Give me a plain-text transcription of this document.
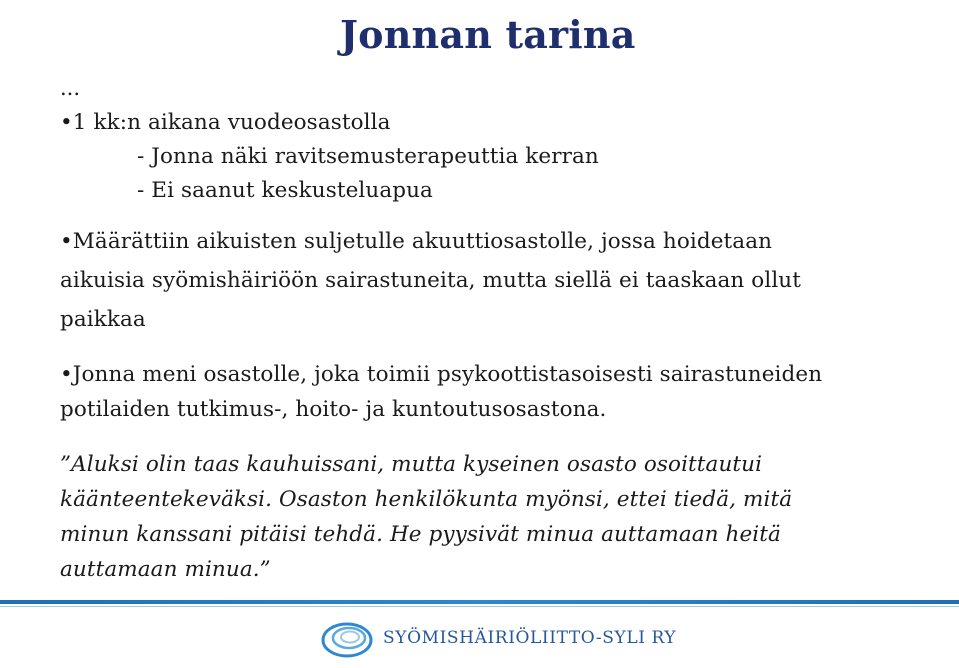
Jonnan tarina
...
•1 kk:n aikana vuodeosastolla
- Jonna näki ravitsemusterapeuttia kerran
- Ei saanut keskusteluapua
•Määrättiin aikuisten suljetulle akuuttiosastolle, jossa hoidetaan
aikuisia syömishäiriöön sairastuneita, mutta siellä ei taaskaan ollut
paikkaa
•Jonna meni osastolle, joka toimii psykoottistasoisesti sairastuneiden
potilaiden tutkimus-, hoito- ja kuntoutusosastona.
”Aluksi olin taas kauhuissani, mutta kyseinen osasto osoittautui
käänteentekeväksi. Osaston henkilökunta myönsi, ettei tiedä, mitä
minun kanssani pitäisi tehdä. He pyysivät minua auttamaan heitä
auttamaan minua.”
SYÖMISHÄIRIÖLIITTO-SYLI RY
